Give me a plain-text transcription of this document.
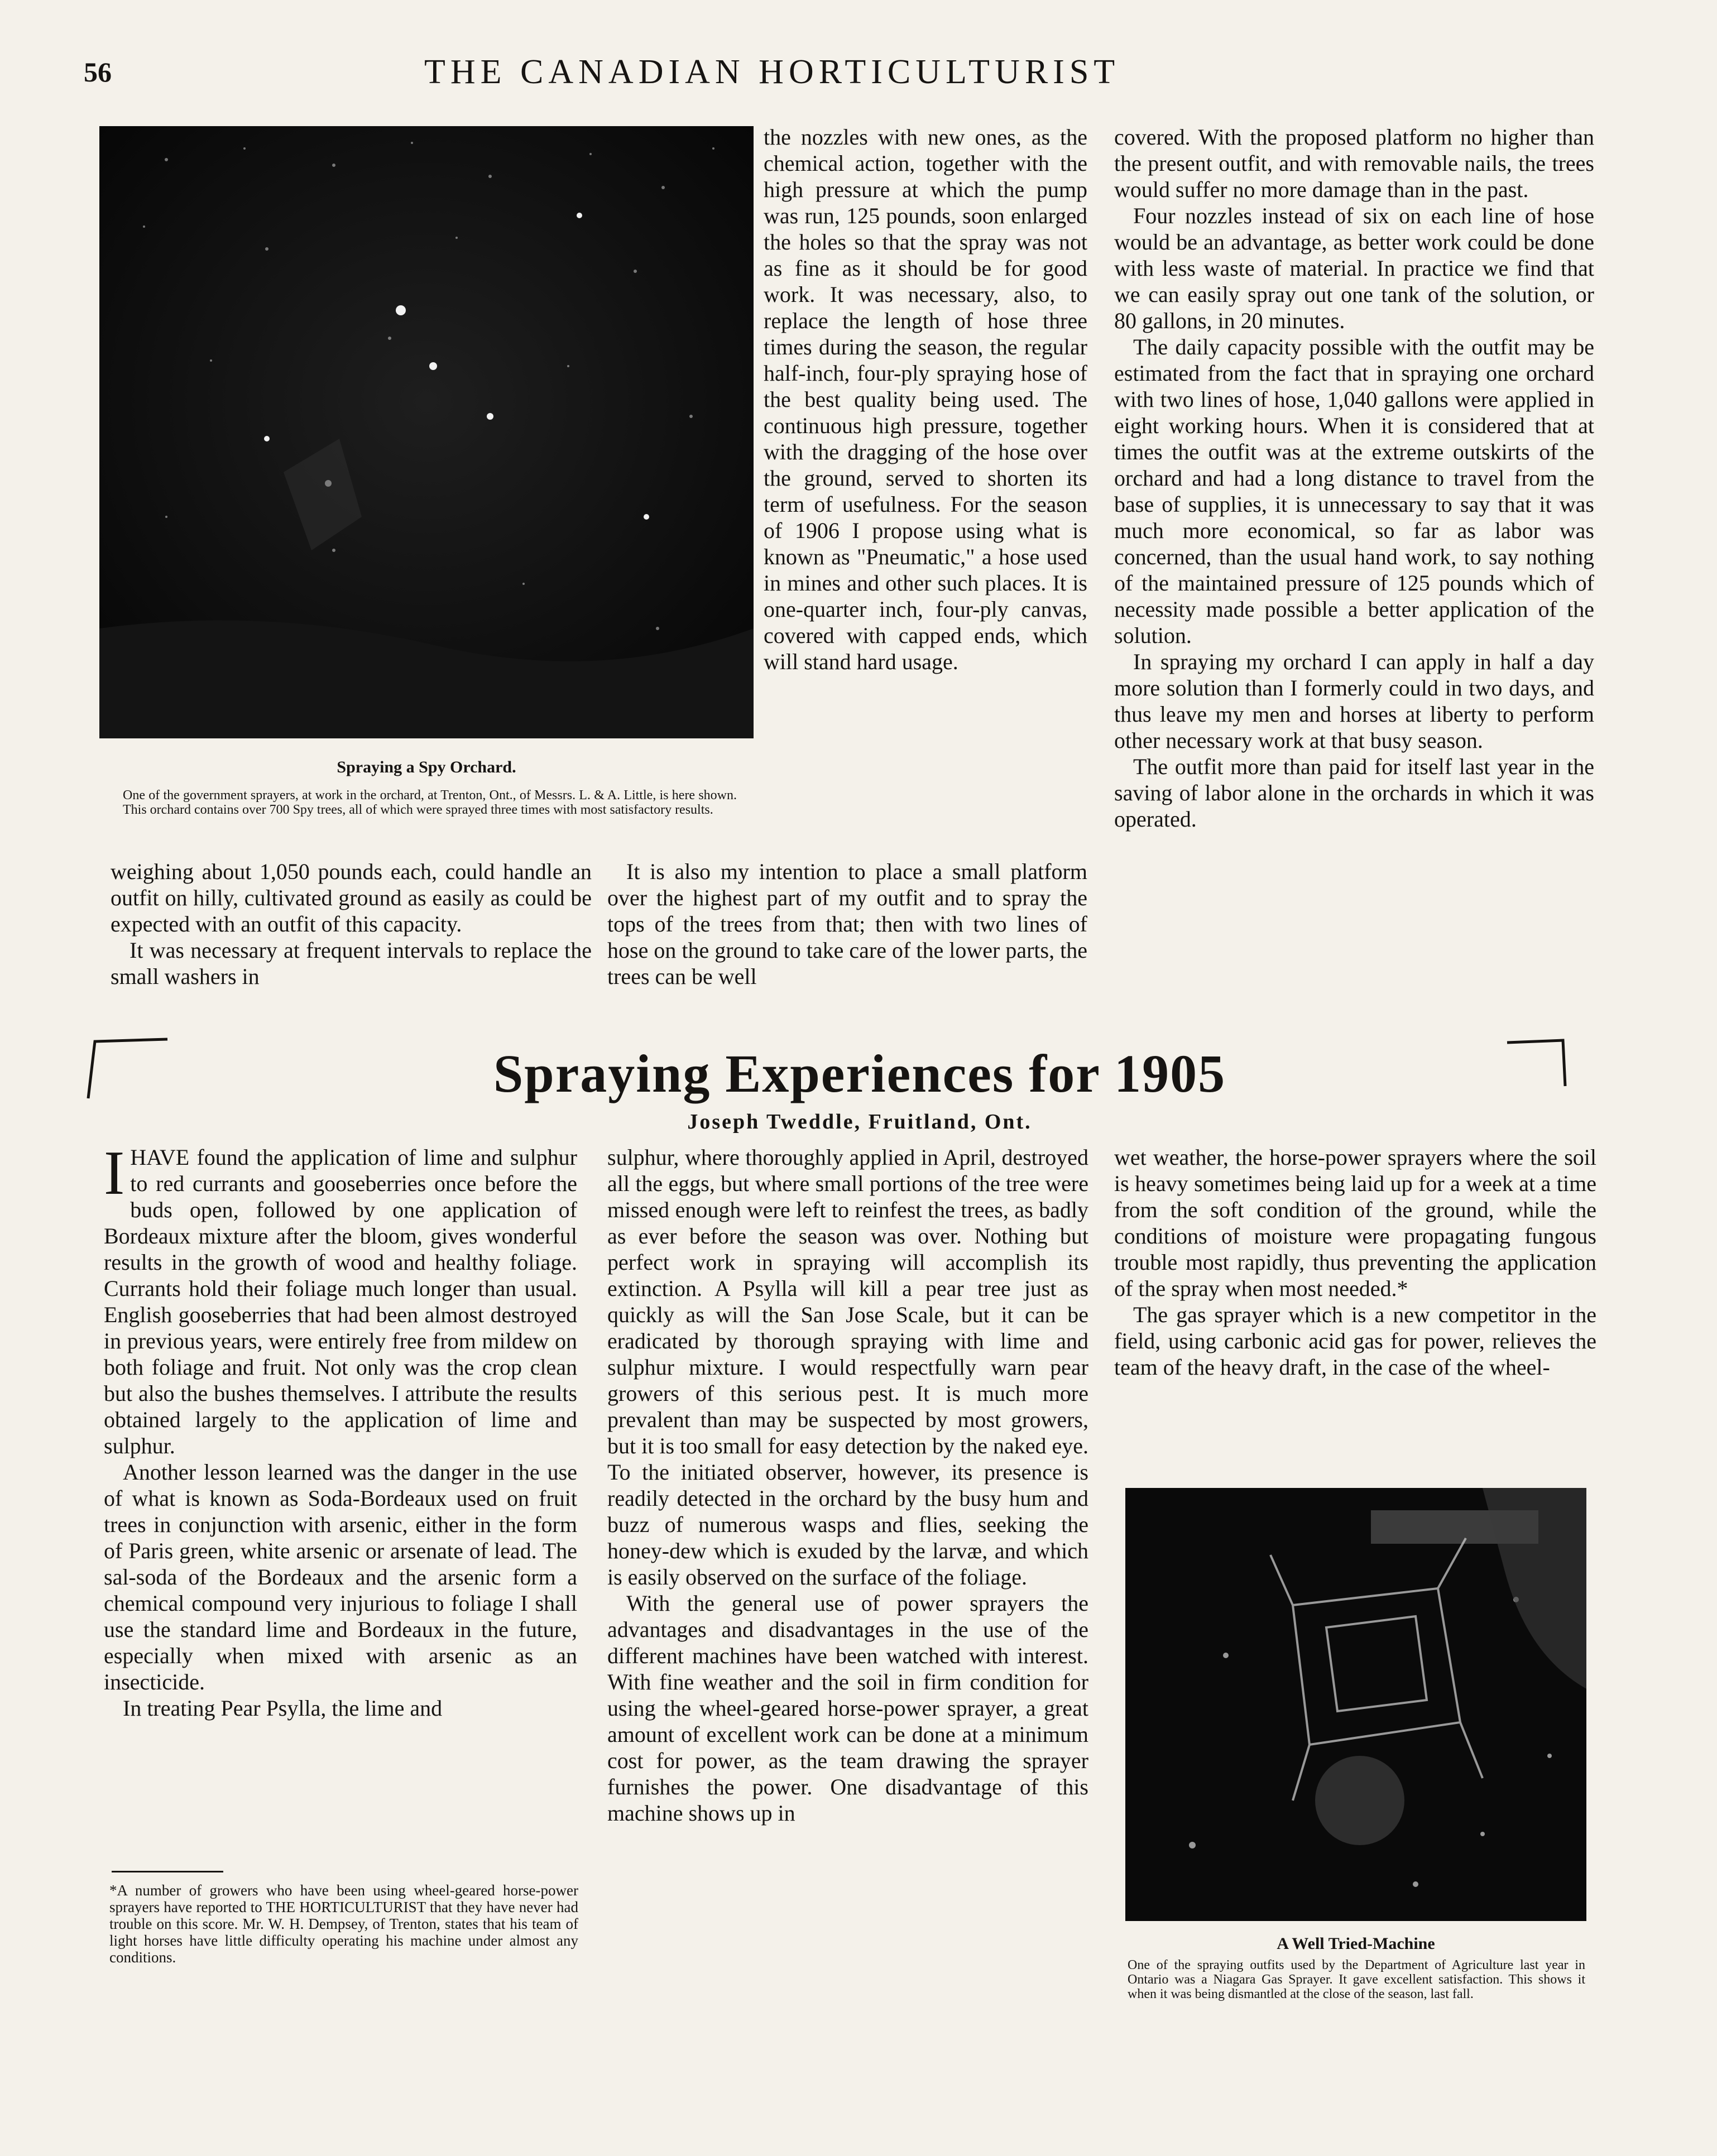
56	THE CANADIAN HORTICULTURIST
Spraying a Spy Orchard.
One of the government sprayers, at work in the orchard, at Trenton, Ont., of Messrs. L. & A. Little, is here shown. This orchard contains over 700 Spy trees, all of which were sprayed three times with most satisfactory results.

weighing about 1,050 pounds each, could handle an outfit on hilly, cultivated ground as easily as could be expected with an outfit of this capacity.

It was necessary at frequent intervals to replace the small washers in

the nozzles with new ones, as the chemical action, together with the high pressure at which the pump was run, 125 pounds, soon enlarged the holes so that the spray was not as fine as it should be for good work. It was necessary, also, to replace the length of hose three times during the season, the regular half-inch, four-ply spraying hose of the best quality being used. The continuous high pressure, together with the dragging of the hose over the ground, served to shorten its term of usefulness. For the season of 1906 I propose using what is known as "Pneumatic," a hose used in mines and other such places. It is one-quarter inch, four-ply canvas, covered with capped ends, which will stand hard usage.

It is also my intention to place a small platform over the highest part of my outfit and to spray the tops of the trees from that; then with two lines of hose on the ground to take care of the lower parts, the trees can be well

covered. With the proposed platform no higher than the present outfit, and with removable nails, the trees would suffer no more damage than in the past.

Four nozzles instead of six on each line of hose would be an advantage, as better work could be done with less waste of material. In practice we find that we can easily spray out one tank of the solution, or 80 gallons, in 20 minutes.

The daily capacity possible with the outfit may be estimated from the fact that in spraying one orchard with two lines of hose, 1,040 gallons were applied in eight working hours. When it is considered that at times the outfit was at the extreme outskirts of the orchard and had a long distance to travel from the base of supplies, it is unnecessary to say that it was much more economical, so far as labor was concerned, than the usual hand work, to say nothing of the maintained pressure of 125 pounds which of necessity made possible a better application of the solution.

In spraying my orchard I can apply in half a day more solution than I formerly could in two days, and thus leave my men and horses at liberty to perform other necessary work at that busy season.

The outfit more than paid for itself last year in the saving of labor alone in the orchards in which it was operated.

Spraying Experiences for 1905
Joseph Tweddle, Fruitland, Ont.

IHAVE found the application of lime and sulphur to red currants and gooseberries once before the buds open, followed by one application of Bordeaux mixture after the bloom, gives wonderful results in the growth of wood and healthy foliage. Currants hold their foliage much longer than usual. English gooseberries that had been almost destroyed in previous years, were entirely free from mildew on both foliage and fruit. Not only was the crop clean but also the bushes themselves. I attribute the results obtained largely to the application of lime and sulphur.

Another lesson learned was the danger in the use of what is known as Soda-Bordeaux used on fruit trees in conjunction with arsenic, either in the form of Paris green, white arsenic or arsenate of lead. The sal-soda of the Bordeaux and the arsenic form a chemical compound very injurious to foliage I shall use the standard lime and Bordeaux in the future, especially when mixed with arsenic as an insecticide.

In treating Pear Psylla, the lime and

*A number of growers who have been using wheel-geared horse-power sprayers have reported to THE HORTICULTURIST that they have never had trouble on this score. Mr. W. H. Dempsey, of Trenton, states that his team of light horses have little difficulty operating his machine under almost any conditions.

sulphur, where thoroughly applied in April, destroyed all the eggs, but where small portions of the tree were missed enough were left to reinfest the trees, as badly as ever before the season was over. Nothing but perfect work in spraying will accomplish its extinction. A Psylla will kill a pear tree just as quickly as will the San Jose Scale, but it can be eradicated by thorough spraying with lime and sulphur mixture. I would respectfully warn pear growers of this serious pest. It is much more prevalent than may be suspected by most growers, but it is too small for easy detection by the naked eye. To the initiated observer, however, its presence is readily detected in the orchard by the busy hum and buzz of numerous wasps and flies, seeking the honey-dew which is exuded by the larvæ, and which is easily observed on the surface of the foliage.

With the general use of power sprayers the advantages and disadvantages in the use of the different machines have been watched with interest. With fine weather and the soil in firm condition for using the wheel-geared horse-power sprayer, a great amount of excellent work can be done at a minimum cost for power, as the team drawing the sprayer furnishes the power. One disadvantage of this machine shows up in

wet weather, the horse-power sprayers where the soil is heavy sometimes being laid up for a week at a time from the soft condition of the ground, while the conditions of moisture were propagating fungous trouble most rapidly, thus preventing the application of the spray when most needed.*

The gas sprayer which is a new competitor in the field, using carbonic acid gas for power, relieves the team of the heavy draft, in the case of the wheel-

A Well Tried-Machine
One of the spraying outfits used by the Department of Agriculture last year in Ontario was a Niagara Gas Sprayer. It gave excellent satisfaction. This shows it when it was being dismantled at the close of the season, last fall.
